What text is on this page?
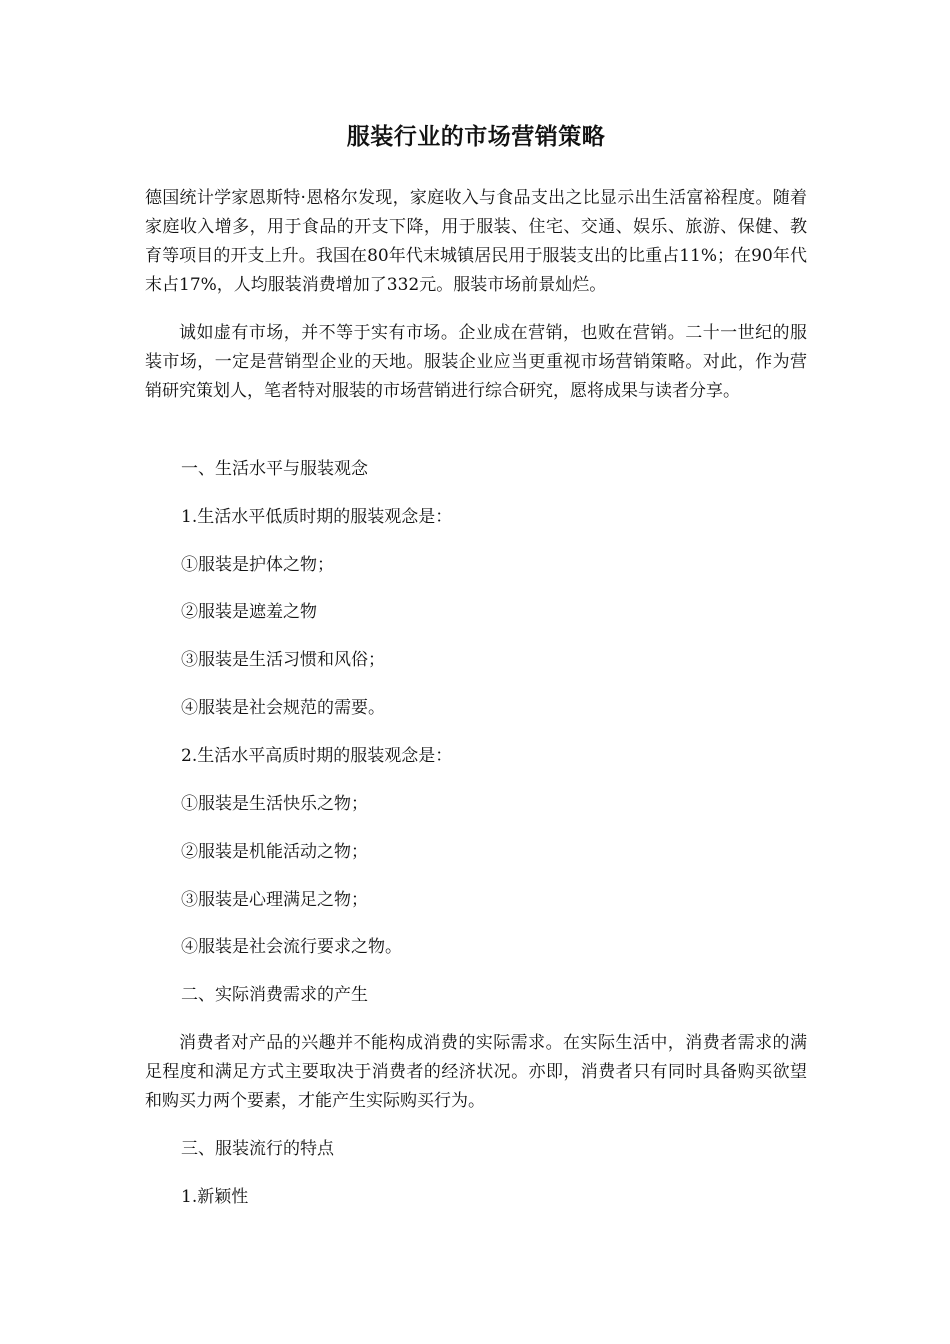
服装行业的市场营销策略

德国统计学家恩斯特·恩格尔发现，家庭收入与食品支出之比显示出生活富裕程度。随着家庭收入增多，用于食品的开支下降，用于服装、住宅、交通、娱乐、旅游、保健、教育等项目的开支上升。我国在80年代末城镇居民用于服装支出的比重占11%；在90年代末占17%，人均服装消费增加了332元。服装市场前景灿烂。

诚如虚有市场，并不等于实有市场。企业成在营销，也败在营销。二十一世纪的服装市场，一定是营销型企业的天地。服装企业应当更重视市场营销策略。对此，作为营销研究策划人，笔者特对服装的市场营销进行综合研究，愿将成果与读者分享。

一、生活水平与服装观念

1.生活水平低质时期的服装观念是：

①服装是护体之物；

②服装是遮羞之物

③服装是生活习惯和风俗；

④服装是社会规范的需要。

2.生活水平高质时期的服装观念是：

①服装是生活快乐之物；

②服装是机能活动之物；

③服装是心理满足之物；

④服装是社会流行要求之物。

二、实际消费需求的产生

消费者对产品的兴趣并不能构成消费的实际需求。在实际生活中，消费者需求的满足程度和满足方式主要取决于消费者的经济状况。亦即，消费者只有同时具备购买欲望和购买力两个要素，才能产生实际购买行为。

三、服装流行的特点

1.新颖性
